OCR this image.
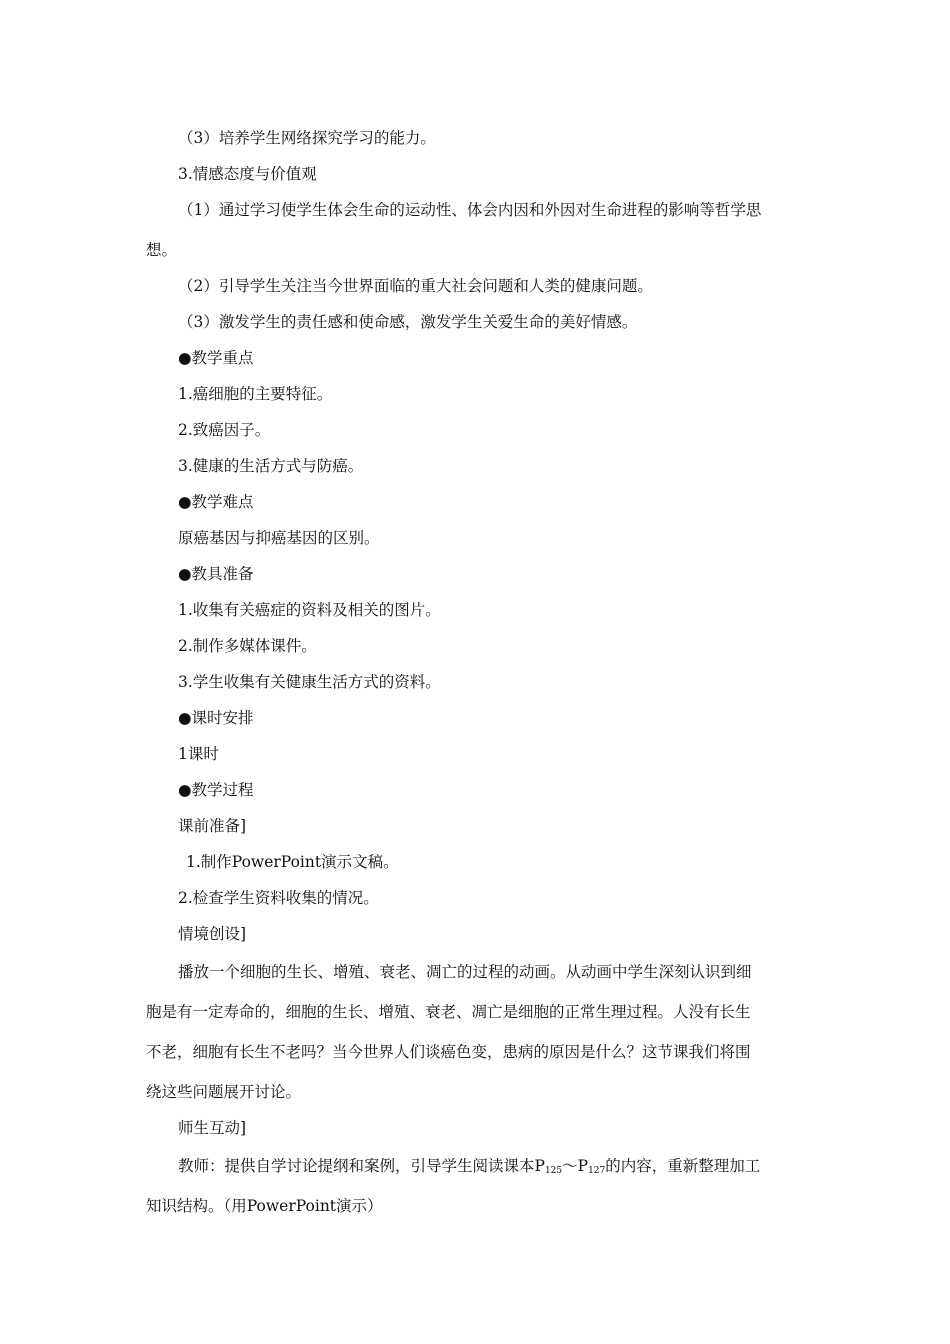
（3）培养学生网络探究学习的能力。
3.情感态度与价值观
（1）通过学习使学生体会生命的运动性、体会内因和外因对生命进程的影响等哲学思
想。
（2）引导学生关注当今世界面临的重大社会问题和人类的健康问题。
（3）激发学生的责任感和使命感，激发学生关爱生命的美好情感。
●教学重点
1.癌细胞的主要特征。
2.致癌因子。
3.健康的生活方式与防癌。
●教学难点
原癌基因与抑癌基因的区别。
●教具准备
1.收集有关癌症的资料及相关的图片。
2.制作多媒体课件。
3.学生收集有关健康生活方式的资料。
●课时安排
1课时
●教学过程
课前准备]
1.制作PowerPoint演示文稿。
2.检查学生资料收集的情况。
情境创设]
播放一个细胞的生长、增殖、衰老、凋亡的过程的动画。从动画中学生深刻认识到细
胞是有一定寿命的，细胞的生长、增殖、衰老、凋亡是细胞的正常生理过程。人没有长生
不老，细胞有长生不老吗？当今世界人们谈癌色变，患病的原因是什么？这节课我们将围
绕这些问题展开讨论。
师生互动]
教师：提供自学讨论提纲和案例，引导学生阅读课本$P_{125}\sim P_{127}$的内容，重新整理加工
知识结构。（用PowerPoint演示）
